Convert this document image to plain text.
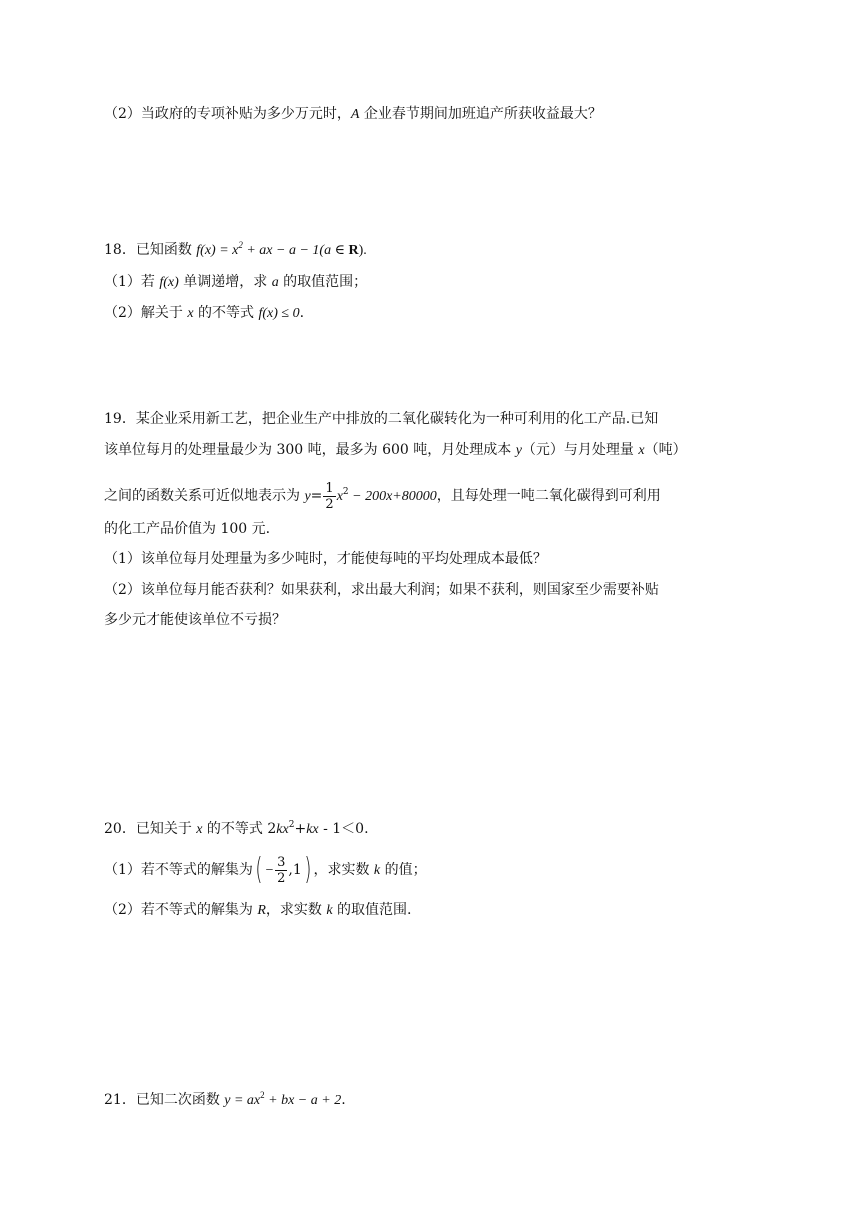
（2）当政府的专项补贴为多少万元时，A 企业春节期间加班追产所获收益最大？
18．已知函数 $f(x) = x^2$ + ax − a − 1(a ∈ R).
（1）若 f(x) 单调递增，求 a 的取值范围；
（2）解关于 x 的不等式 f(x) ≤ 0.
19．某企业采用新工艺，把企业生产中排放的二氧化碳转化为一种可利用的化工产品.已知
该单位每月的处理量最少为 300 吨，最多为 600 吨，月处理成本 y（元）与月处理量 x（吨）
之间的函数关系可近似地表示为 $y= \frac{1}{2} x^2 - 200x+80000$，且每处理一吨二氧化碳得到可利用
的化工产品价值为 100 元.
（1）该单位每月处理量为多少吨时，才能使每吨的平均处理成本最低？
（2）该单位每月能否获利？如果获利，求出最大利润；如果不获利，则国家至少需要补贴
多少元才能使该单位不亏损？
20．已知关于 x 的不等式 $2kx^2+kx$ ‐ 1＜0.
（1）若不等式的解集为( − $\frac{3}{2} ,1$) ，求实数 k 的值；
（2）若不等式的解集为 R，求实数 k 的取值范围.
21．已知二次函数 $y = ax^2$ + bx − a + 2.
